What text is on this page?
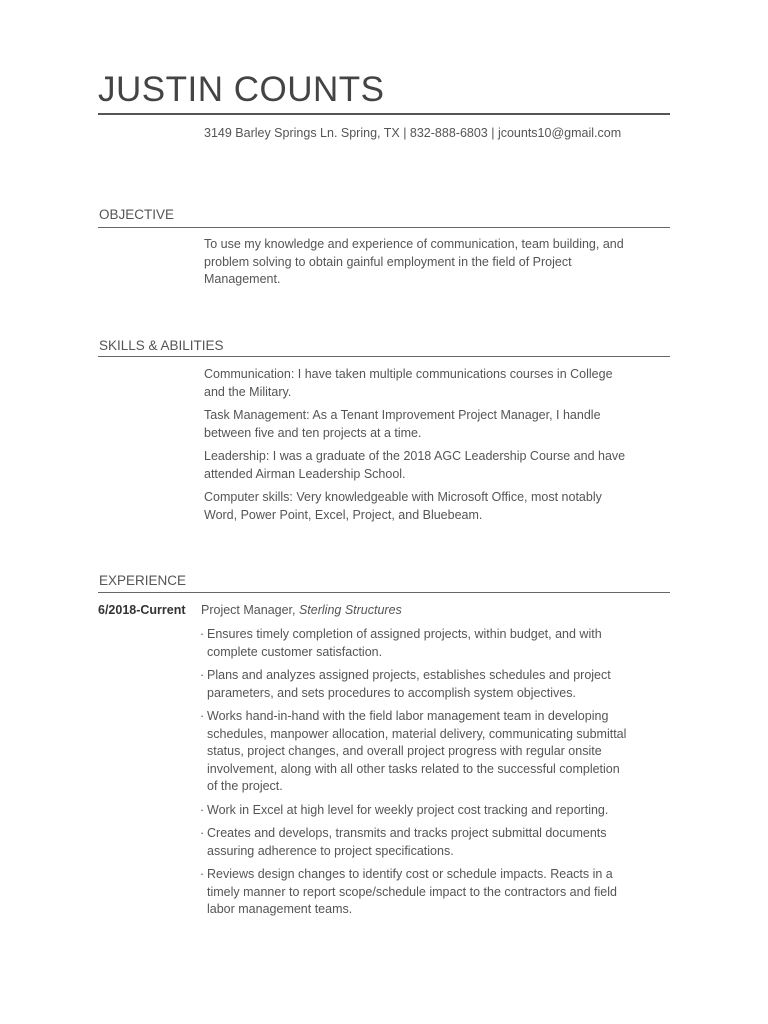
JUSTIN COUNTS
3149 Barley Springs Ln. Spring, TX | 832-888-6803 | jcounts10@gmail.com
OBJECTIVE
To use my knowledge and experience of communication, team building, and problem solving to obtain gainful employment in the field of Project Management.
SKILLS & ABILITIES

Communication: I have taken multiple communications courses in College and the Military.

Task Management: As a Tenant Improvement Project Manager, I handle between five and ten projects at a time.

Leadership: I was a graduate of the 2018 AGC Leadership Course and have attended Airman Leadership School.

Computer skills: Very knowledgeable with Microsoft Office, most notably Word, Power Point, Excel, Project, and Bluebeam.

EXPERIENCE
6/2018-Current Project Manager, Sterling Structures
· Ensures timely completion of assigned projects, within budget, and with complete customer satisfaction.
· Plans and analyzes assigned projects, establishes schedules and project parameters, and sets procedures to accomplish system objectives.
· Works hand-in-hand with the field labor management team in developing schedules, manpower allocation, material delivery, communicating submittal status, project changes, and overall project progress with regular onsite involvement, along with all other tasks related to the successful completion of the project.
· Work in Excel at high level for weekly project cost tracking and reporting.
· Creates and develops, transmits and tracks project submittal documents assuring adherence to project specifications.
· Reviews design changes to identify cost or schedule impacts. Reacts in a timely manner to report scope/schedule impact to the contractors and field labor management teams.
